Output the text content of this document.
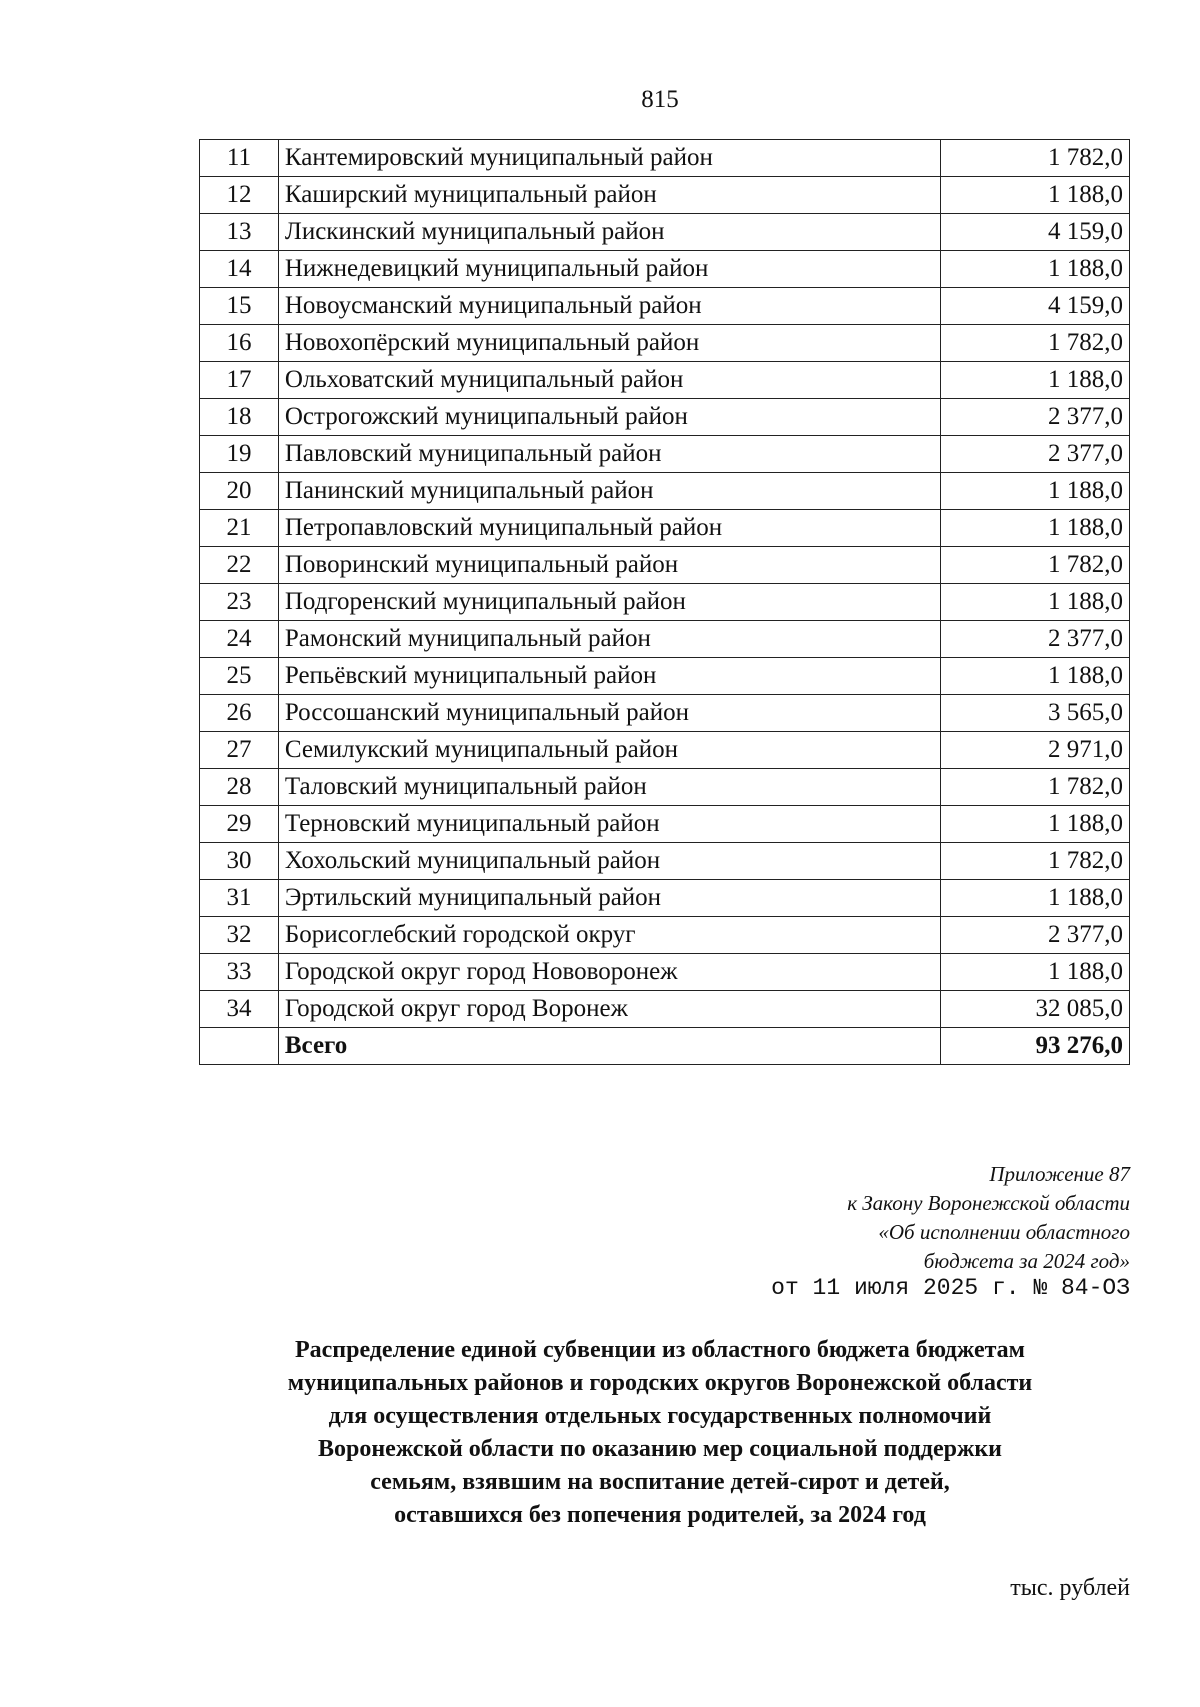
815
11	Кантемировский муниципальный район	1 782,0
12	Каширский муниципальный район	1 188,0
13	Лискинский муниципальный район	4 159,0
14	Нижнедевицкий муниципальный район	1 188,0
15	Новоусманский муниципальный район	4 159,0
16	Новохопёрский муниципальный район	1 782,0
17	Ольховатский муниципальный район	1 188,0
18	Острогожский муниципальный район	2 377,0
19	Павловский муниципальный район	2 377,0
20	Панинский муниципальный район	1 188,0
21	Петропавловский муниципальный район	1 188,0
22	Поворинский муниципальный район	1 782,0
23	Подгоренский муниципальный район	1 188,0
24	Рамонский муниципальный район	2 377,0
25	Репьёвский муниципальный район	1 188,0
26	Россошанский муниципальный район	3 565,0
27	Семилукский муниципальный район	2 971,0
28	Таловский муниципальный район	1 782,0
29	Терновский муниципальный район	1 188,0
30	Хохольский муниципальный район	1 782,0
31	Эртильский муниципальный район	1 188,0
32	Борисоглебский городской округ	2 377,0
33	Городской округ город Нововоронеж	1 188,0
34	Городской округ город Воронеж	32 085,0
	Всего	93 276,0
Приложение 87
к Закону Воронежской области
«Об исполнении областного
бюджета за 2024 год»
от 11 июля 2025 г. № 84-ОЗ
Распределение единой субвенции из областного бюджета бюджетам
муниципальных районов и городских округов Воронежской области
для осуществления отдельных государственных полномочий
Воронежской области по оказанию мер социальной поддержки
семьям, взявшим на воспитание детей-сирот и детей,
оставшихся без попечения родителей, за 2024 год
тыс. рублей
